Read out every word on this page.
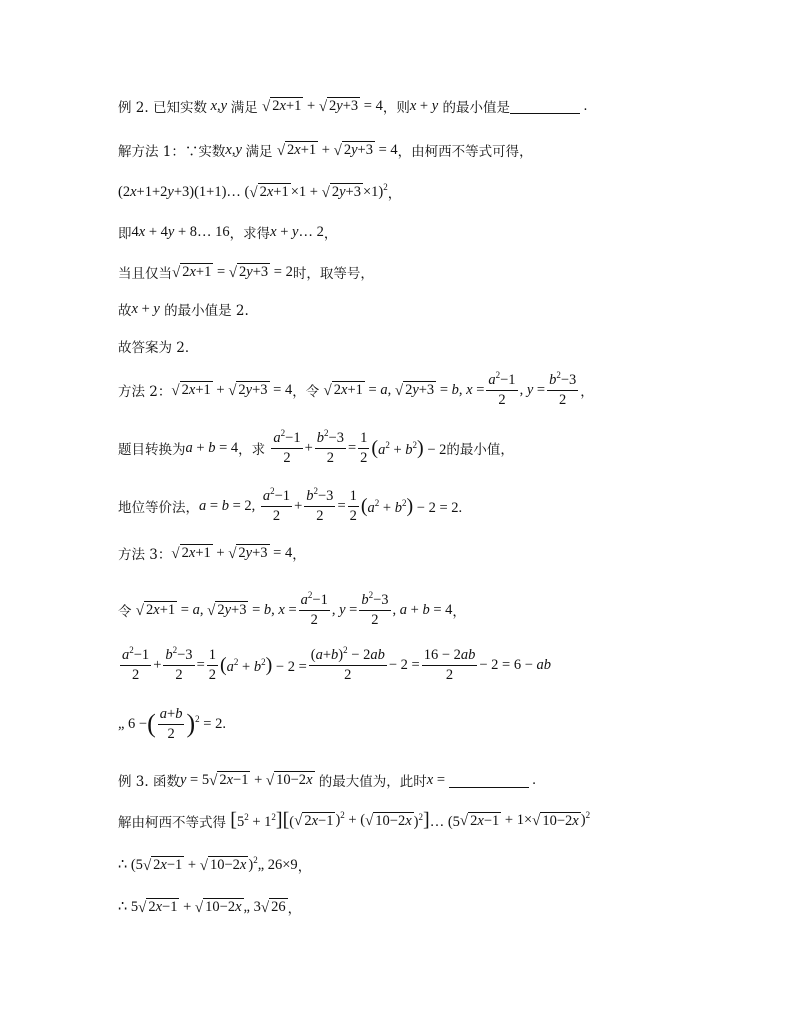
例 2. 已知实数 x , y 满足 √ 2x+1 + √ 2y+3 = 4 ，则 x + y 的最小值是	.
解方法 1：∵实数 x , y 满足 √ 2x+1 + √ 2y+3 = 4 ，由柯西不等式可得，
(2x+1+2y+3)(1+1)… ( √ 2x+1 ×1 + √ 2y+3 ×1)$^2$ ，
即 4x + 4y + 8… 16 ，求得 x + y… 2 ，
当且仅当 √ 2x+1 = √ 2y+3 = 2 时，取等号，
故 x + y 的最小值是 2.
故答案为 2．
方法 2： √ 2x+1 + √ 2y+3 = 4 ，令 √ 2x+1 = a, √ 2y+3 = b, $x = \frac{a^2-1}{2}$ , $y = \frac{b^2-3}{2}$ ，
题目转换为 a + b = 4 ，求 $\frac{a^2-1}{2} + \frac{b^2-3}{2} = \frac{1}{2} (a^2 + b^2) - 2$ 的最小值，
地位等价法， a = b = 2, $\frac{a^2-1}{2} + \frac{b^2-3}{2} = \frac{1}{2} (a^2 + b^2) - 2 = 2$.
方法 3： √ 2x+1 + √ 2y+3 = 4 ，
令 √ 2x+1 = a, √ 2y+3 = b, $x = \frac{a^2-1}{2}$ , $y = \frac{b^2-3}{2}$ , a + b = 4 ，
$\frac{a^2-1}{2} + \frac{b^2-3}{2} = \frac{1}{2} (a^2 + b^2) - 2 = \frac{(a+b)^2 - 2ab}{2} - 2 = \frac{16 - 2ab}{2} - 2 = 6$ − ab
„ 6 − ( $\frac{a+b}{2}$ ) $^2$ = 2.
例 3. 函数 y = 5 √ 2x−1 + √ 10−2x 的最大值为，此时 x =	.
解由柯西不等式得 $[5^2 + 1^2]$[( √ 2x−1 )$^2$ + ( √ 10−2x )$^2$]… (5 √ 2x−1 + 1× √ 10−2x )$^2$
∴ (5 √ 2x−1 + √ 10−2x )$^2$„ 26×9 ，
∴ 5 √ 2x−1 + √ 10−2x „ 3 √ 26 ，
